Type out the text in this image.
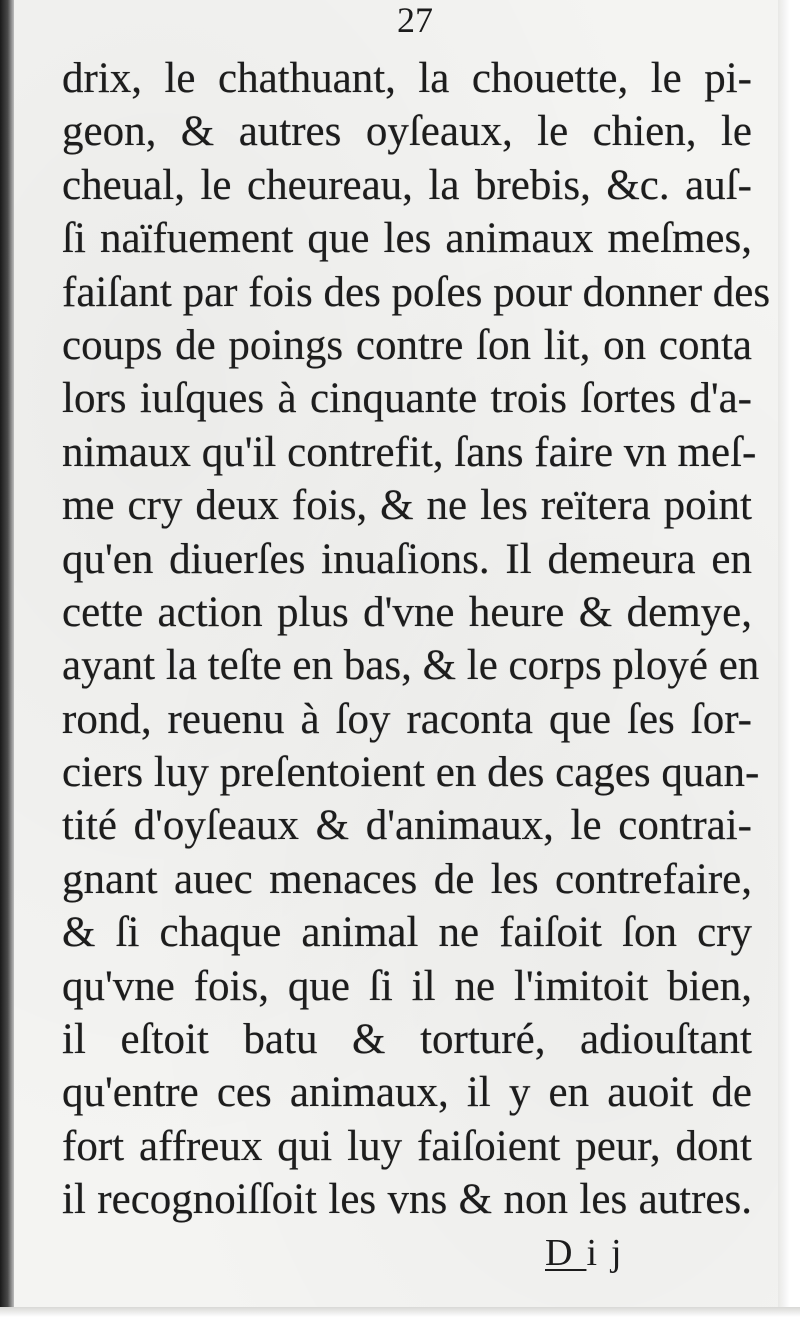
27
drix, le chathuant, la chouette, le pi-
geon, & autres oyſeaux, le chien, le
cheual, le cheureau, la brebis, &c. auſ-
ſi naïfuement que les animaux meſmes,
faiſant par fois des poſes pour donner des
coups de poings contre ſon lit, on conta
lors iuſques à cinquante trois ſortes d'a-
nimaux qu'il contrefit, ſans faire vn meſ-
me cry deux fois, & ne les reïtera point
qu'en diuerſes inuaſions. Il demeura en
cette action plus d'vne heure & demye,
ayant la teſte en bas, & le corps ployé en
rond, reuenu à ſoy raconta que ſes ſor-
ciers luy preſentoient en des cages quan-
tité d'oyſeaux & d'animaux, le contrai-
gnant auec menaces de les contrefaire,
& ſi chaque animal ne faiſoit ſon cry
qu'vne fois, que ſi il ne l'imitoit bien,
il eſtoit batu & torturé, adiouſtant
qu'entre ces animaux, il y en auoit de
fort affreux qui luy faiſoient peur, dont
il recognoiſſoit les vns & non les autres.
Dij
